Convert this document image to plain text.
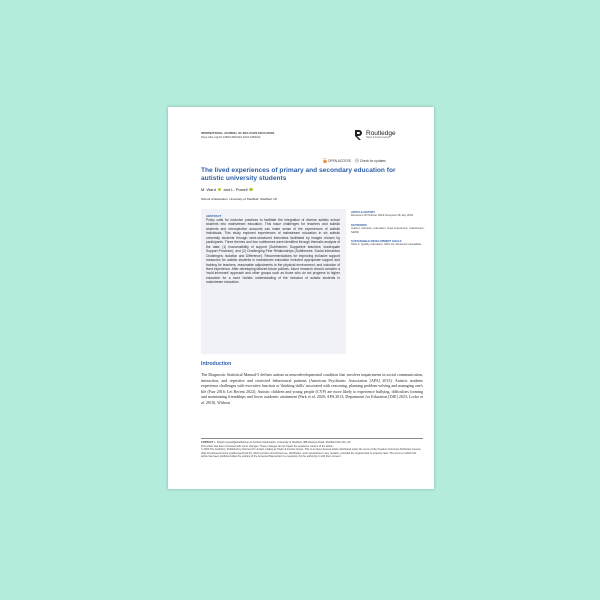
INTERNATIONAL JOURNAL OF INCLUSIVE EDUCATION
https://doi.org/10.1080/13603116.2024.2383442
Routledge
Taylor & Francis Group
OPEN ACCESS	Check for updates
The lived experiences of primary and secondary education for autistic university students
M. Ward and L. Powell
School of Education, University of Sheffield, Sheffield, UK
ABSTRACT
Policy calls for inclusive practices to facilitate the integration of diverse autistic school students into mainstream education. This issue challenges for teachers and autistic students and retrospective accounts can make sense of the experiences of autistic individuals. This study explored experiences of mainstream education in six autistic university students through semi-structured interviews facilitated by images chosen by participants. Three themes and four subthemes were identified through thematic analysis of the data: (1) Inaccessibility of support (Subthemes: Supportive teachers; Inadequate Support Provision); and (2) Challenging Peer Relationships (Subthemes: Social Interaction Challenges; Isolation and Difference). Recommendations for improving inclusive support measures for autistic students in mainstream education included appropriate support and training for teachers, reasonable adjustments to the physical environment, and inclusion of lived experience. After developing tailored future policies, future research should consider a 'multi-informant' approach and other groups such as those who do not progress to higher education for a more holistic understanding of the inclusion of autistic students in mainstream education.
ARTICLE HISTORY
Received 18 October 2023 Accepted 18 July 2024
KEYWORDS
Autism; inclusion; education; lived experience; mainstream; SEND
SUSTAINABLE DEVELOPMENT GOALS
SDG 4: Quality education; SDG 10: Reduced inequalities
Introduction
The Diagnostic Statistical Manual-5 defines autism as neurodevelopmental condition that involves impairments in social communication, interaction, and repetitive and restricted behavioural patterns (American Psychiatric Association [APA] 2013). Autistic students experience challenges with executive function or 'thinking skills' associated with reasoning, planning problem-solving and managing one's life (Farr 2016; Lei Recent 2022). Autistic children and young people (CYP) are more likely to experience bullying, difficulties forming and maintaining friendships and lower academic attainment (Park et al. 2020; APA 2013; Department for Education [DfE] 2023; Locke et al. 2010). Without
CONTACT L. Powell l.powell@sheffield.ac.uk School of Education, University of Sheffield, 388 Glossop Road, Sheffield S10 2JA, UK
This article has been corrected with minor changes. These changes do not impact the academic content of the article.
© 2024 The Author(s). Published by Informa UK Limited, trading as Taylor & Francis Group. This is an Open Access article distributed under the terms of the Creative Commons Attribution License (http://creativecommons.org/licenses/by/4.0/), which permits unrestricted use, distribution, and reproduction in any medium, provided the original work is properly cited. The terms on which this article has been published allow the posting of the Accepted Manuscript in a repository by the author(s) or with their consent.
